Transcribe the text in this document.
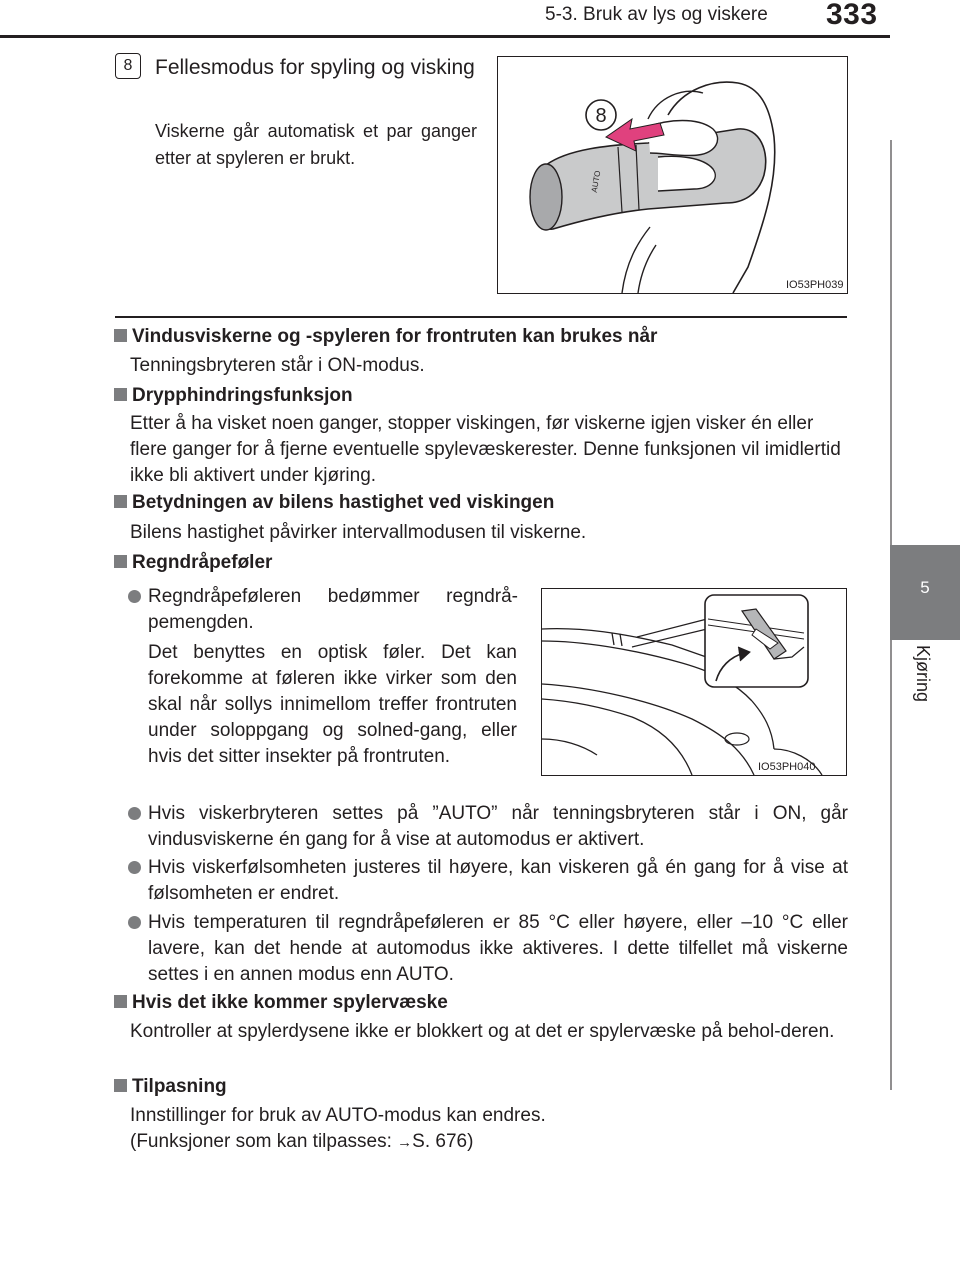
5-3. Bruk av lys og viskere 333
5
Kjøring
8	Fellesmodus for spyling og visking
Viskerne går automatisk et par ganger etter at spyleren er brukt.
AUTO
8
IO53PH039
Vindusviskerne og -spyleren for frontruten kan brukes når
Tenningsbryteren står i ON-modus.
Drypphindringsfunksjon
Etter å ha visket noen ganger, stopper viskingen, før viskerne igjen visker én eller flere ganger for å fjerne eventuelle spylevæskerester. Denne funksjonen vil imidlertid ikke bli aktivert under kjøring.
Betydningen av bilens hastighet ved viskingen
Bilens hastighet påvirker intervallmodusen til viskerne.
Regndråpeføler
Regndråpeføleren bedømmer regndrå-
pemengden.
Det benyttes en optisk føler. Det kan forekomme at føleren ikke virker som den skal når sollys innimellom treffer frontruten under soloppgang og solned-gang, eller hvis det sitter insekter på frontruten.	IO53PH040
Hvis viskerbryteren settes på ”AUTO” når tenningsbryteren står i ON, går vindusviskerne én gang for å vise at automodus er aktivert.
Hvis viskerfølsomheten justeres til høyere, kan viskeren gå én gang for å vise at følsomheten er endret.
Hvis temperaturen til regndråpeføleren er 85 °C eller høyere, eller –10 °C eller lavere, kan det hende at automodus ikke aktiveres. I dette tilfellet må viskerne settes i en annen modus enn AUTO.
Hvis det ikke kommer spylervæske
Kontroller at spylerdysene ikke er blokkert og at det er spylervæske på behol-deren.
Tilpasning
Innstillinger for bruk av AUTO-modus kan endres.
(Funksjoner som kan tilpasses: →S. 676)
